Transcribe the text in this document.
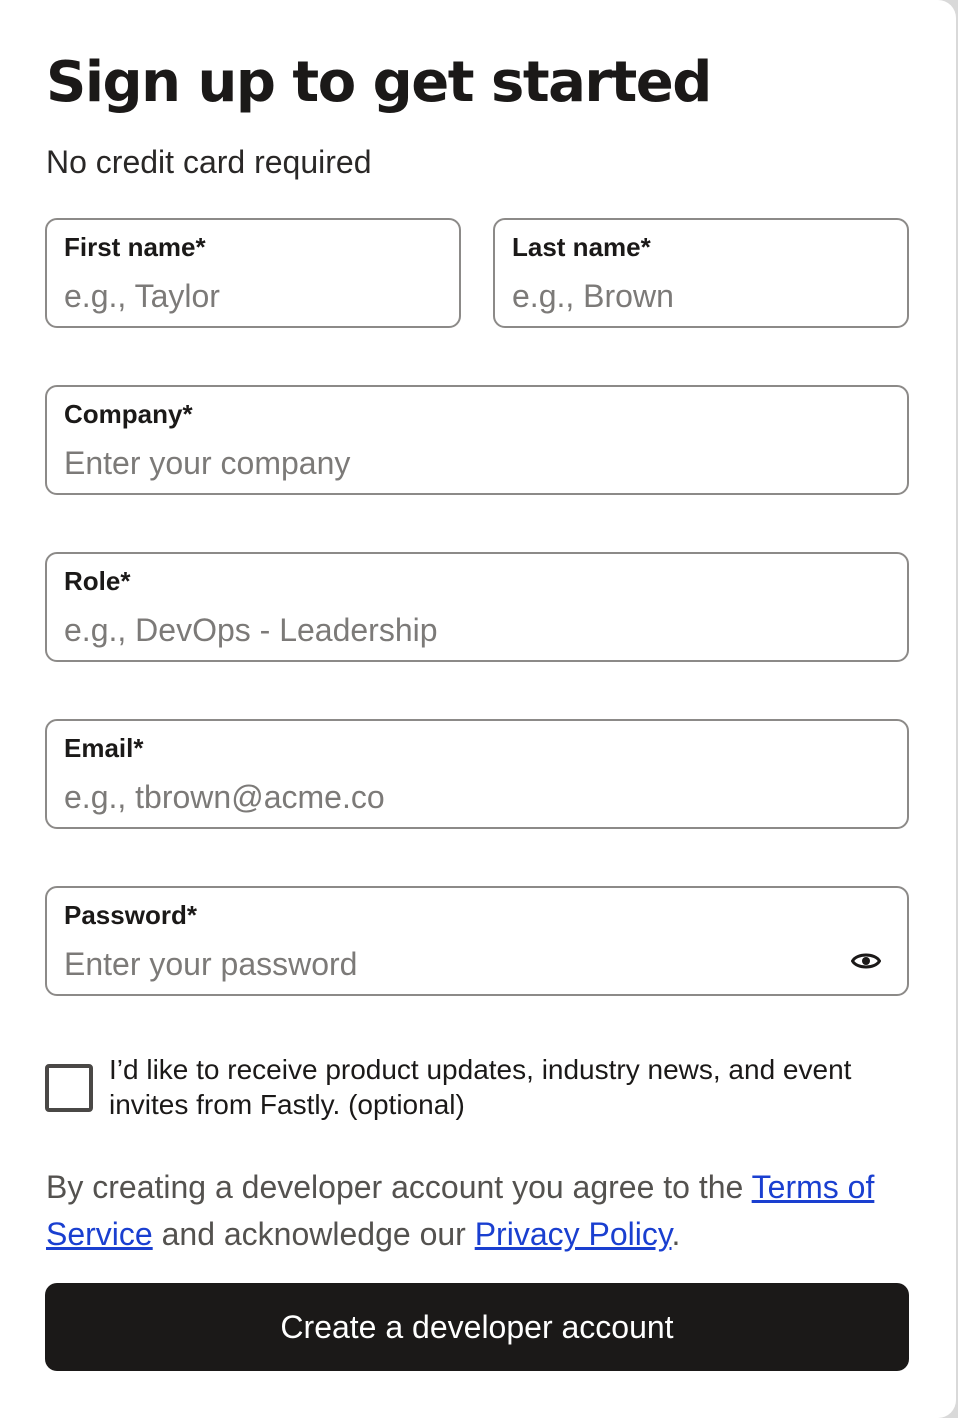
Sign up to get started

No credit card required

First name*
e.g., Taylor	Last name*
e.g., Brown
Company*
Enter your company
Role*
e.g., DevOps - Leadership
Email*
e.g., tbrown@acme.co
Password*

I’d like to receive product updates, industry news, and event invites from Fastly. (optional)

By creating a developer account you agree to the Terms of Service and acknowledge our Privacy Policy.

Create a developer account
